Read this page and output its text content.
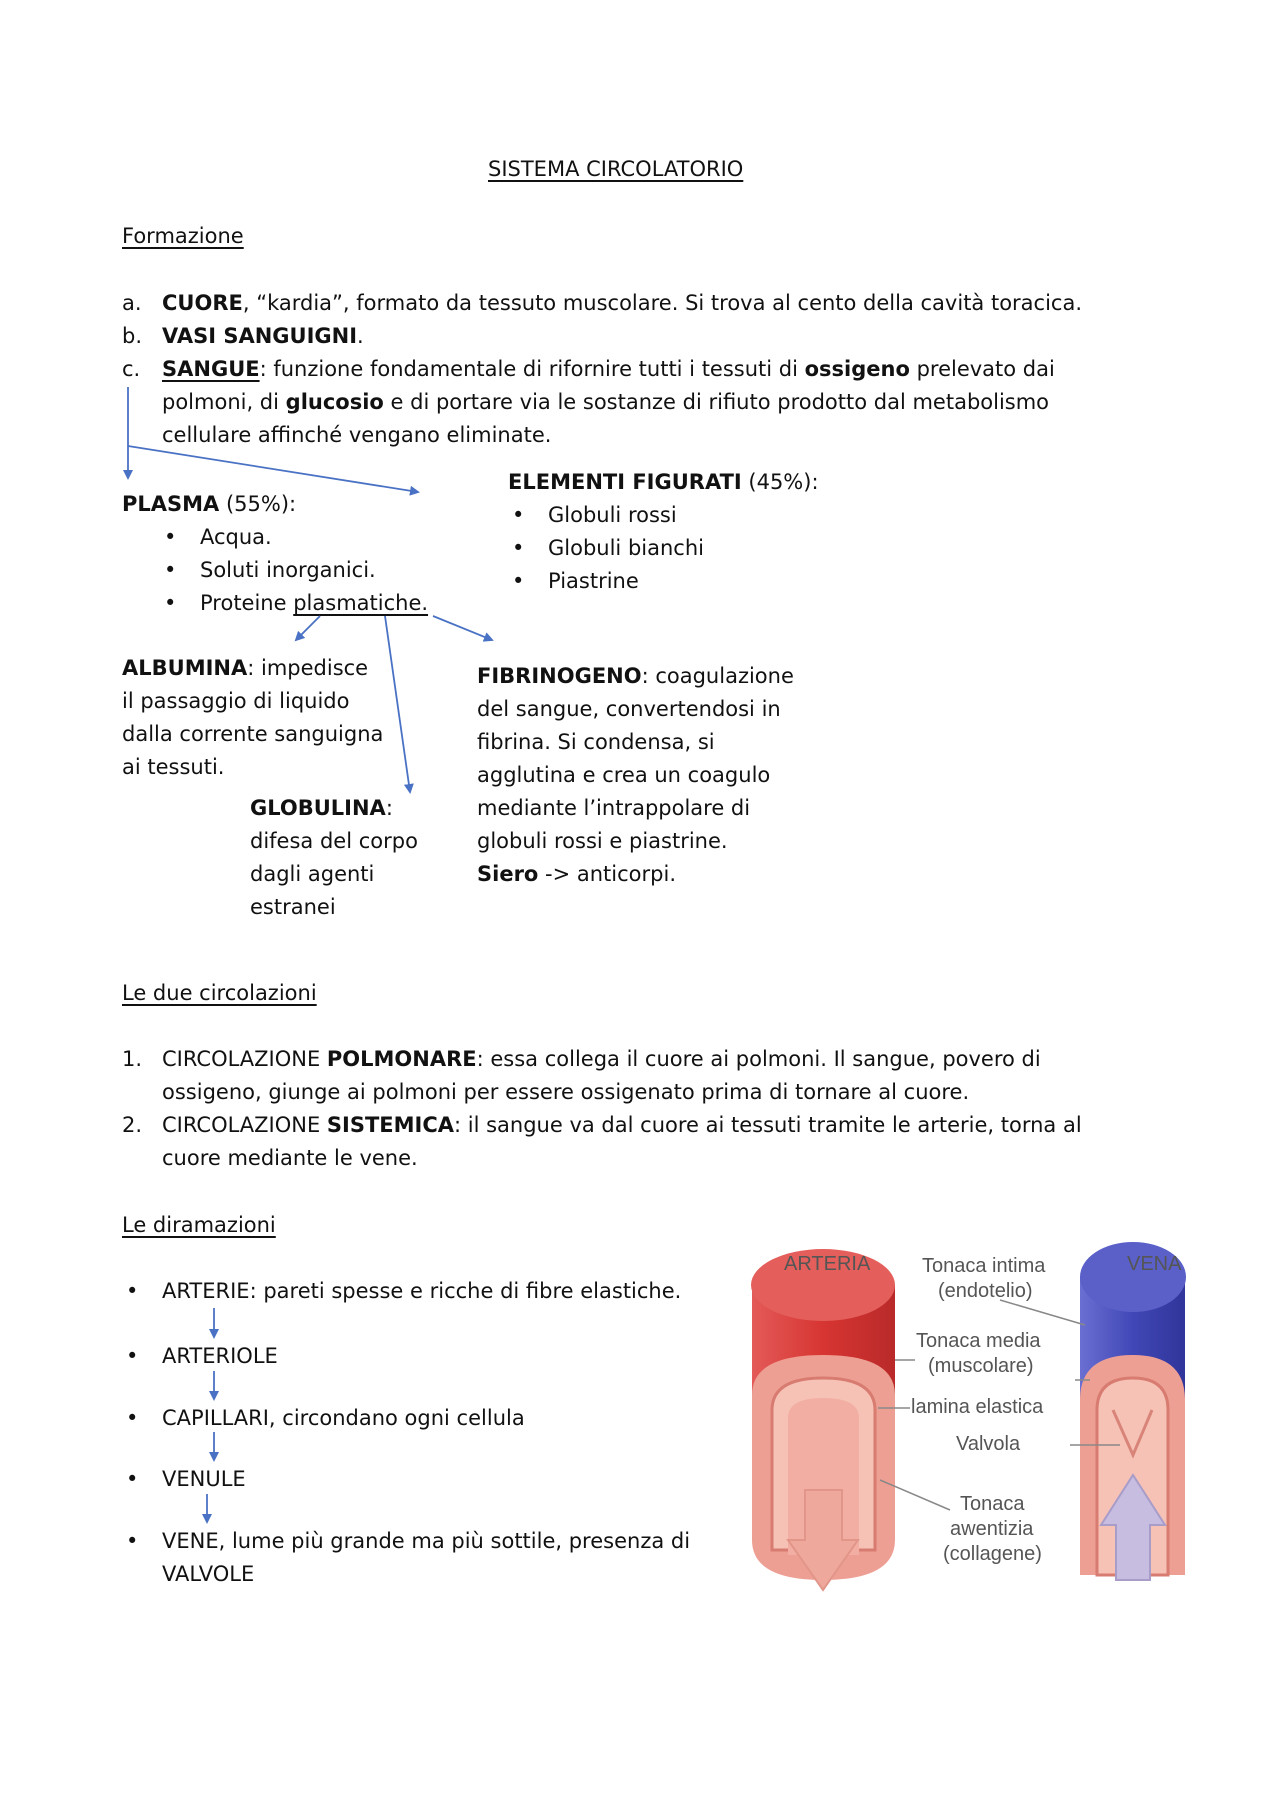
SISTEMA CIRCOLATORIO
Formazione
a. CUORE, “kardia”, formato da tessuto muscolare. Si trova al cento della cavità toracica.
b. VASI SANGUIGNI.
c. SANGUE: funzione fondamentale di rifornire tutti i tessuti di ossigeno prelevato dai
polmoni, di glucosio e di portare via le sostanze di rifiuto prodotto dal metabolismo
cellulare affinché vengano eliminate.
PLASMA (55%):
• Acqua.
• Soluti inorganici.
• Proteine plasmatiche.
ELEMENTI FIGURATI (45%):
• Globuli rossi
• Globuli bianchi
• Piastrine
ALBUMINA: impedisce
il passaggio di liquido
dalla corrente sanguigna
ai tessuti.
GLOBULINA:
difesa del corpo
dagli agenti
estranei
FIBRINOGENO: coagulazione
del sangue, convertendosi in
fibrina. Si condensa, si
agglutina e crea un coagulo
mediante l’intrappolare di
globuli rossi e piastrine.
Siero -> anticorpi.
Le due circolazioni
1. CIRCOLAZIONE POLMONARE: essa collega il cuore ai polmoni. Il sangue, povero di
ossigeno, giunge ai polmoni per essere ossigenato prima di tornare al cuore.
2. CIRCOLAZIONE SISTEMICA: il sangue va dal cuore ai tessuti tramite le arterie, torna al
cuore mediante le vene.
Le diramazioni
• ARTERIE: pareti spesse e ricche di fibre elastiche.
• ARTERIOLE
• CAPILLARI, circondano ogni cellula
• VENULE
• VENE, lume più grande ma più sottile, presenza di
VALVOLE
ARTERIA	VENA
Tonaca intima
(endotelio)
Tonaca media
(muscolare)
lamina elastica
Valvola
Tonaca
awentizia
(collagene)
